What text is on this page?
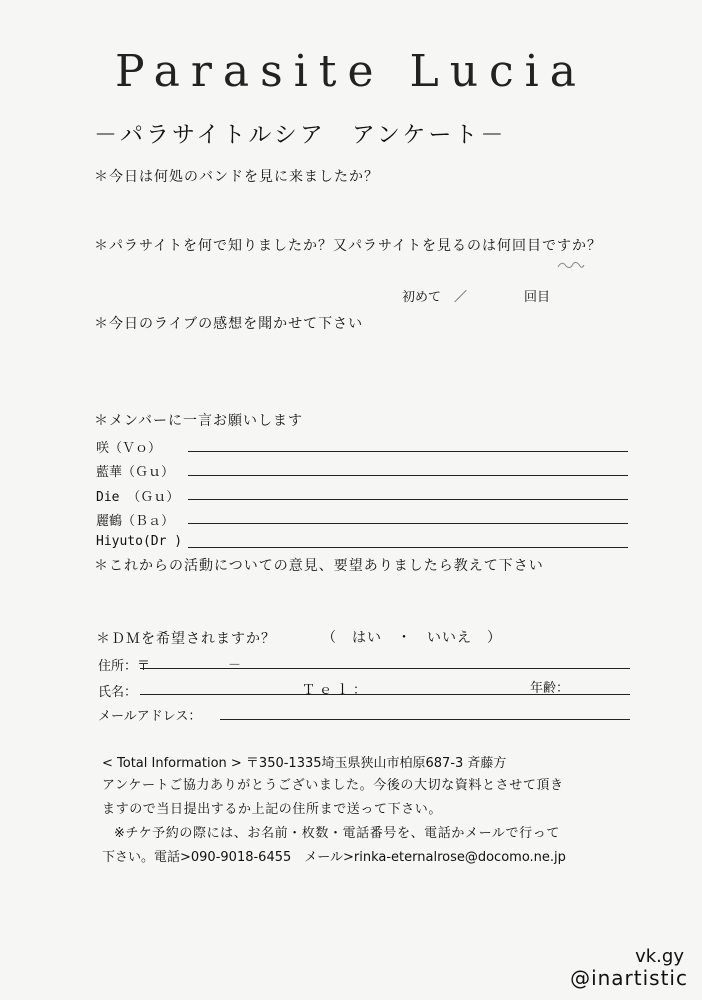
Parasite Lucia
－パラサイトルシア　アンケート－
＊今日は何処のバンドを見に来ましたか？
＊パラサイトを何で知りましたか？又パラサイトを見るのは何回目ですか？
初めて　／	回目
＊今日のライブの感想を聞かせて下さい
＊メンバーに一言お願いします
咲（Ｖｏ）
藍華（Ｇｕ）
Die （Ｇｕ）
麗鶴（Ｂａ）
Hiyuto(Dr )
＊これからの活動についての意見、要望ありましたら教えて下さい
＊ＤＭを希望されますか？	（　はい　・　いいえ　）
住所：〒	－
氏名：	Ｔｅｌ：	年齢：
メールアドレス：
< Total Information > 〒350-1335埼玉県狭山市柏原687-3 斉藤方
アンケートご協力ありがとうございました。今後の大切な資料とさせて頂き
ますので当日提出するか上記の住所まで送って下さい。
※チケ予約の際には、お名前・枚数・電話番号を、電話かメールで行って
下さい。電話>090-9018-6455　メール>rinka-eternalrose@docomo.ne.jp
vk.gy
@inartistic
